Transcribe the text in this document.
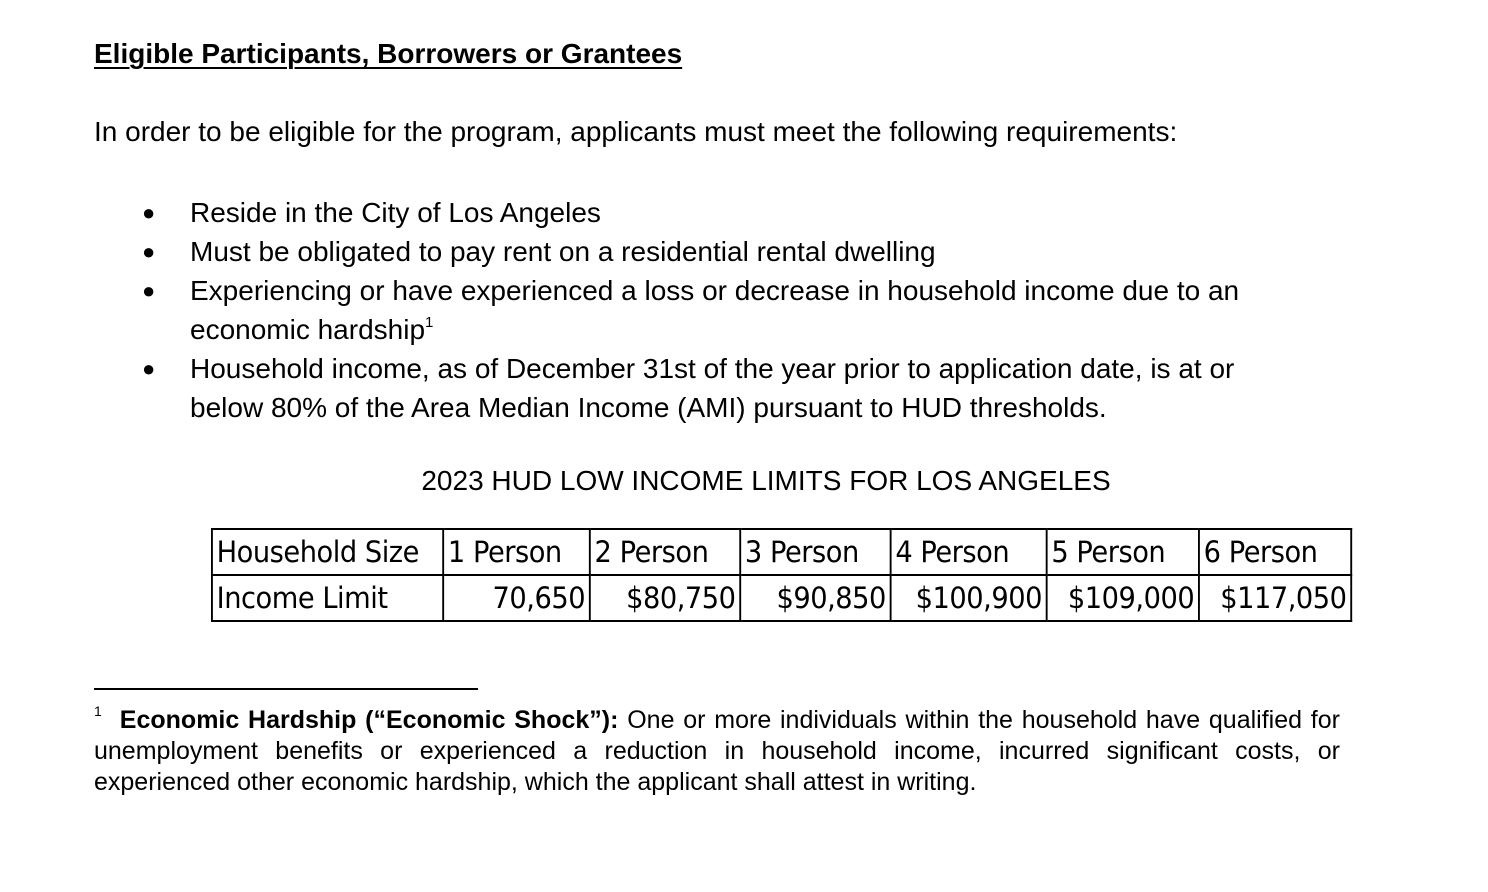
Eligible Participants, Borrowers or Grantees
In order to be eligible for the program, applicants must meet the following requirements:
● Reside in the City of Los Angeles
● Must be obligated to pay rent on a residential rental dwelling
● Experiencing or have experienced a loss or decrease in household income due to an economic hardship$^1$
● Household income, as of December 31st of the year prior to application date, is at or below 80% of the Area Median Income (AMI) pursuant to HUD thresholds.
2023 HUD LOW INCOME LIMITS FOR LOS ANGELES
Household Size	1 Person	2 Person	3 Person	4 Person	5 Person	6 Person
Income Limit	70,650	$80,750	$90,850	$100,900	$109,000	$117,050
$^1$ Economic Hardship (“Economic Shock”): One or more individuals within the household have qualified for unemployment benefits or experienced a reduction in household income, incurred significant costs, or experienced other economic hardship, which the applicant shall attest in writing.
